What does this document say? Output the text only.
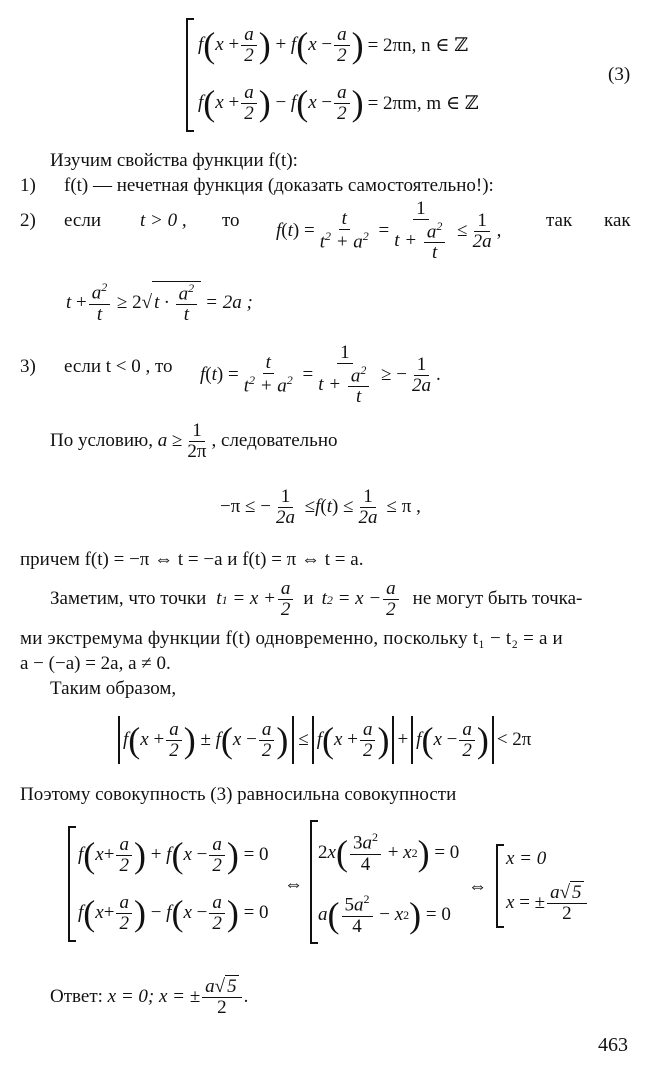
f ( $x + \frac{a}{2}$ ) + f ( $x - \frac{a}{2}$ ) = 2πn, n ∈ ℤ
f ( $x + \frac{a}{2}$ ) − f ( $x - \frac{a}{2}$ ) = 2πm, m ∈ ℤ
(3)
Изучим свойства функции f(t):
1) f(t) — нечетная функция (доказать самостоятельно!):
2) если t > 0 , то f ( t ) = $\frac{t}{t^2 + a^2} = \frac{1}{t + \frac{a^2}{t}} \le \frac{1}{2a}$ , так как
$t + \frac{a^2}{t} \ge 2√$ $t \cdot \frac{a^2}{t} = 2a$ ;
3) если t < 0 , то f ( t ) = $\frac{t}{t^2 + a^2} = \frac{1}{t + \frac{a^2}{t}}$ ≥ − $\frac{1}{2a}$ .
По условию,
$a \ge \frac{1}{2\pi}$ , следовательно
−π ≤ − $\frac{1}{2a} \le f$ ( t ) ≤ $\frac{1}{2a} \le \pi$ ,
причем f(t) = −π ⇔ t = −a и f(t) = π ⇔ t = a.
Заметим, что точки $t1 = x + \frac{a}{2}$ и $t2 = x - \frac{a}{2}$ не могут быть точка-
ми экстремума функции f(t) одновременно, поскольку t₁ − t₂ = a и
a − (−a) = 2a, a ≠ 0.
Таким образом,
f ( $x + \frac{a}{2}$ ) ± f ( $x - \frac{a}{2}$ ) ≤ f ( $x + \frac{a}{2}$ ) + f ( $x - \frac{a}{2}$ ) < 2π
Поэтому совокупность (3) равносильна совокупности
f ( $x + \frac{a}{2}$ ) + f ( $x - \frac{a}{2}$ ) = 0
f ( $x + \frac{a}{2}$ ) − f ( $x - \frac{a}{2}$ ) = 0
⇔
2 x ( $\frac{3a^2}{4} + x$ 2 ) = 0
a ( $\frac{5a^2}{4} - x$ 2 ) = 0
⇔
x = 0
x = ± $\frac{a√ 5}{2}$
Ответ:
x = 0; x = ± $\frac{a√ 5}{2}$ .
463
